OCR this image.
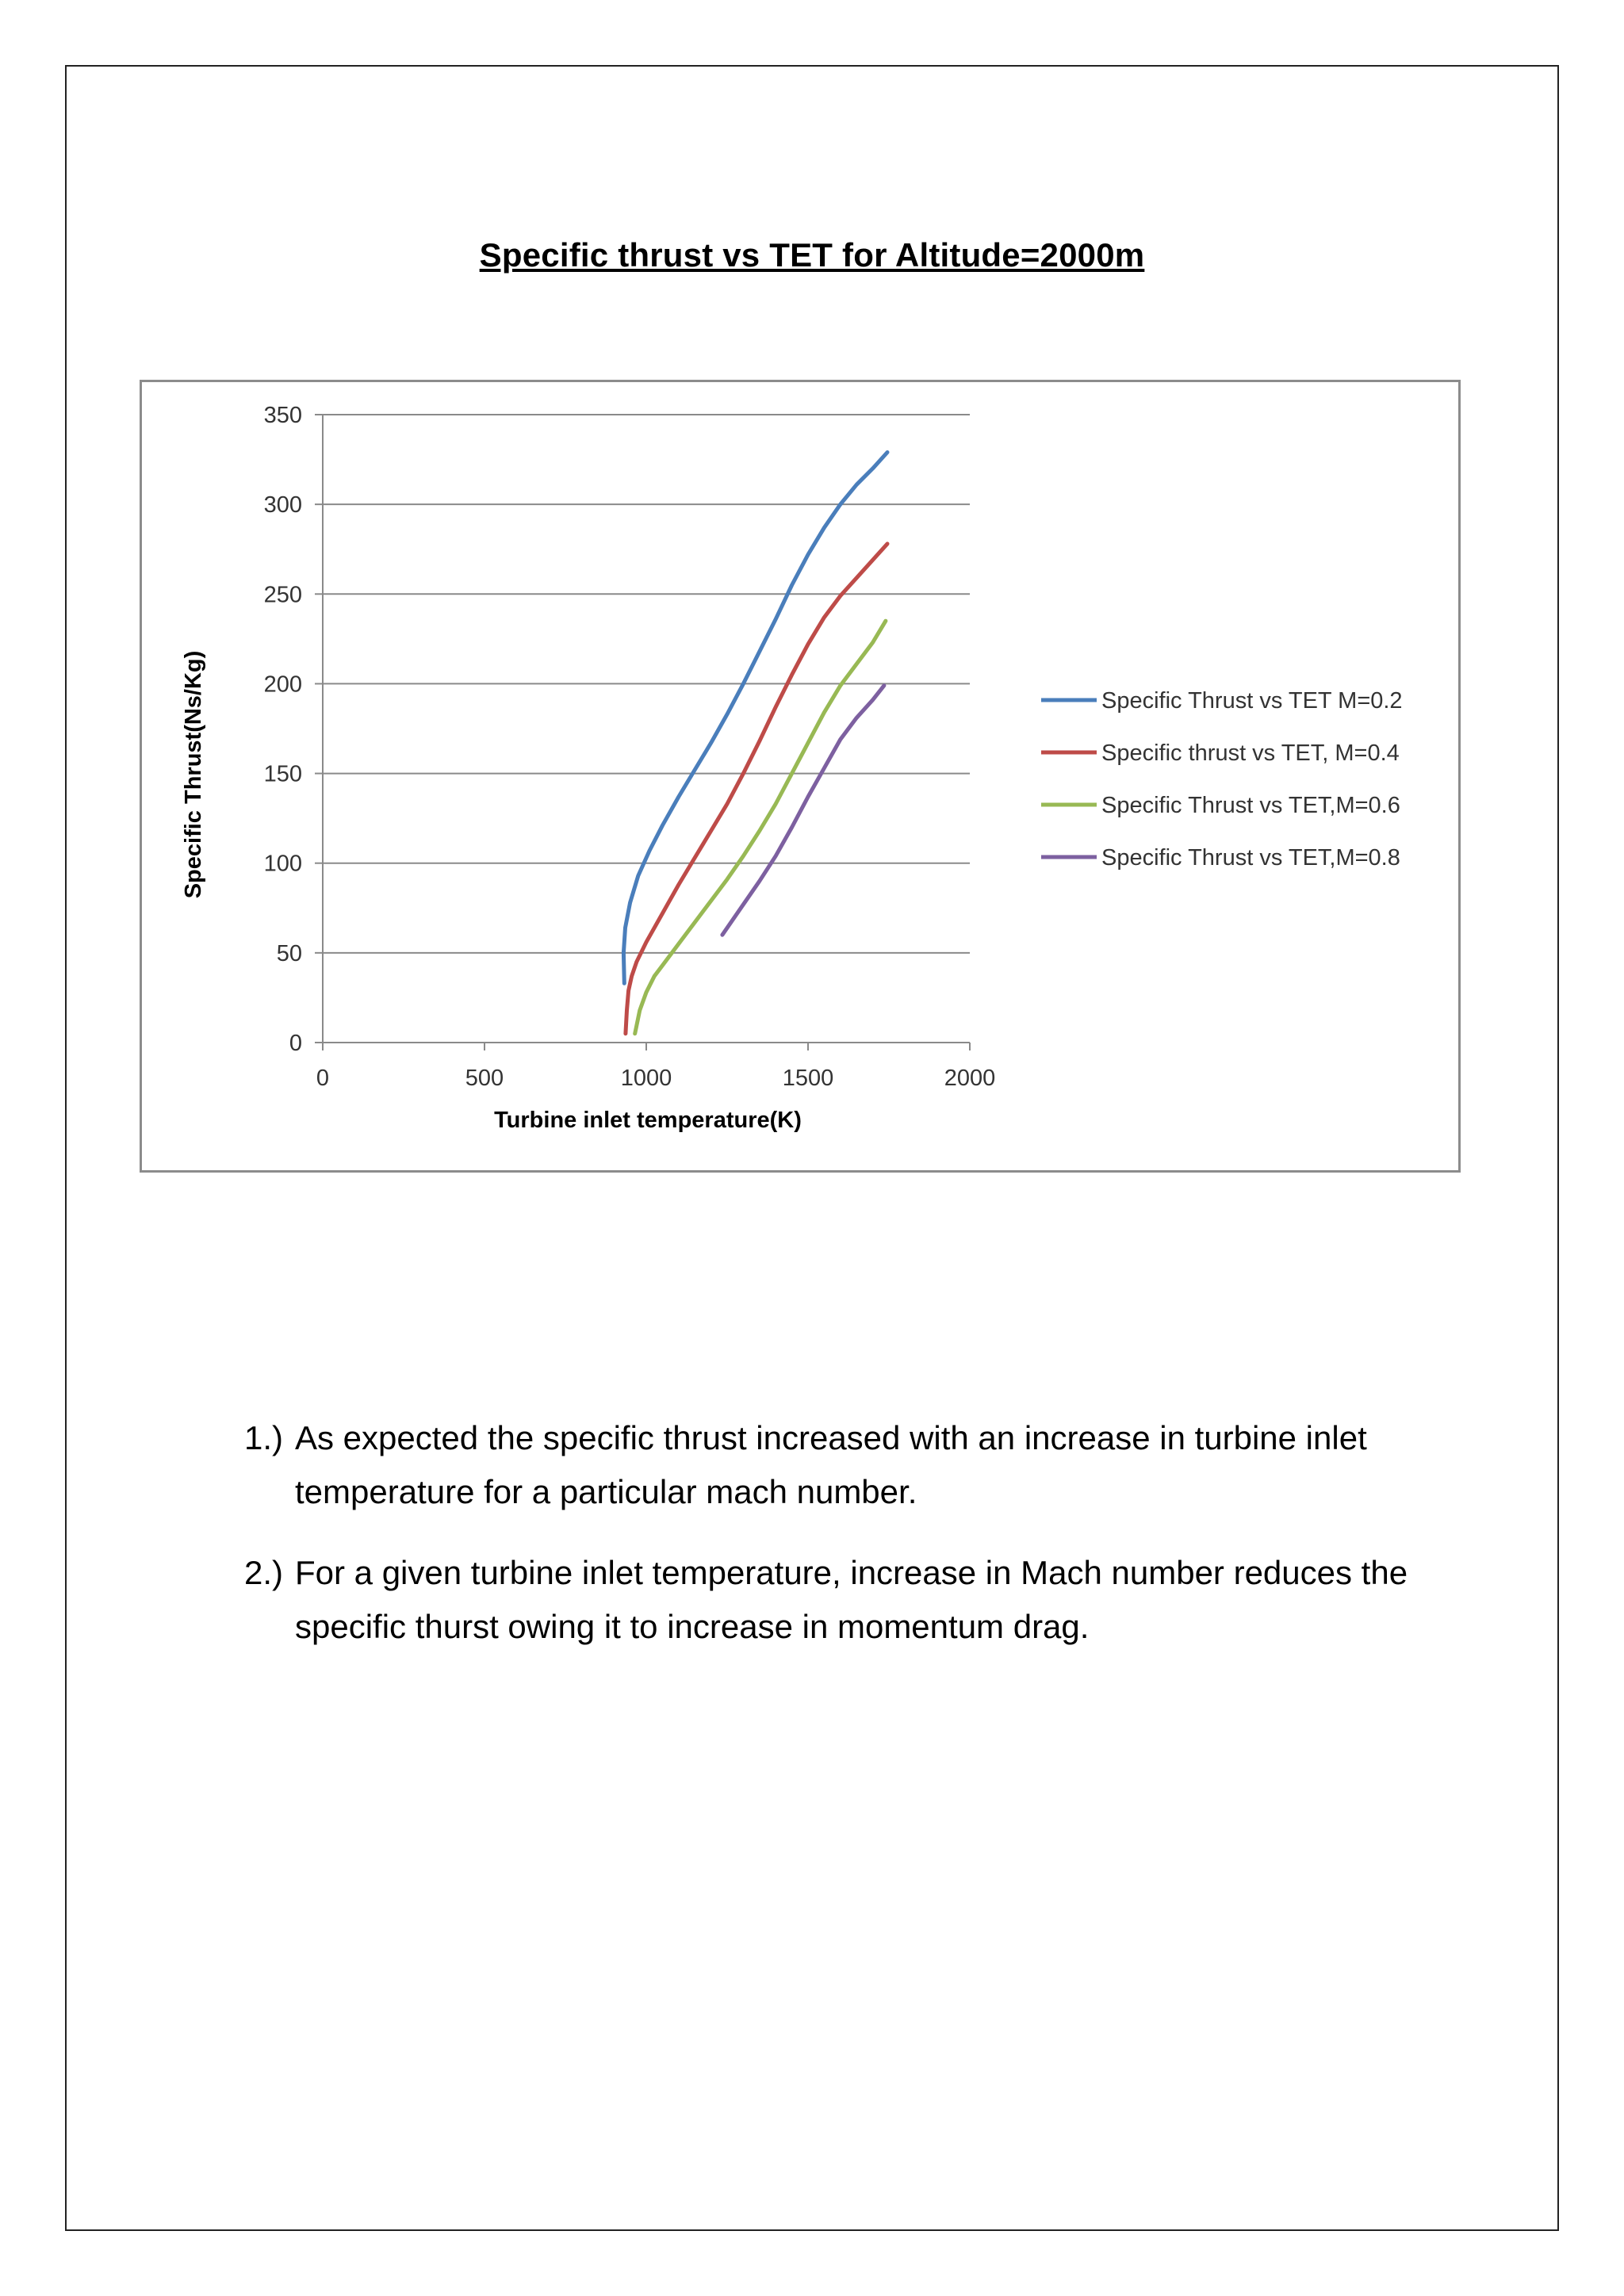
Specific thrust vs TET for Altitude=2000m
0
50
100
150
200
250
300
350
0	500	1000	1500	2000
Specific Thrust vs TET M=0.2
Specific thrust vs TET, M=0.4
Specific Thrust vs TET,M=0.6
Specific Thrust vs TET,M=0.8
Turbine inlet temperature(K)
Specific Thrust(Ns/Kg)
1.) As expected the specific thrust increased with an increase in turbine inlet temperature for a particular mach number.
2.) For a given turbine inlet temperature, increase in Mach number reduces the specific thurst owing it to increase in momentum drag.
